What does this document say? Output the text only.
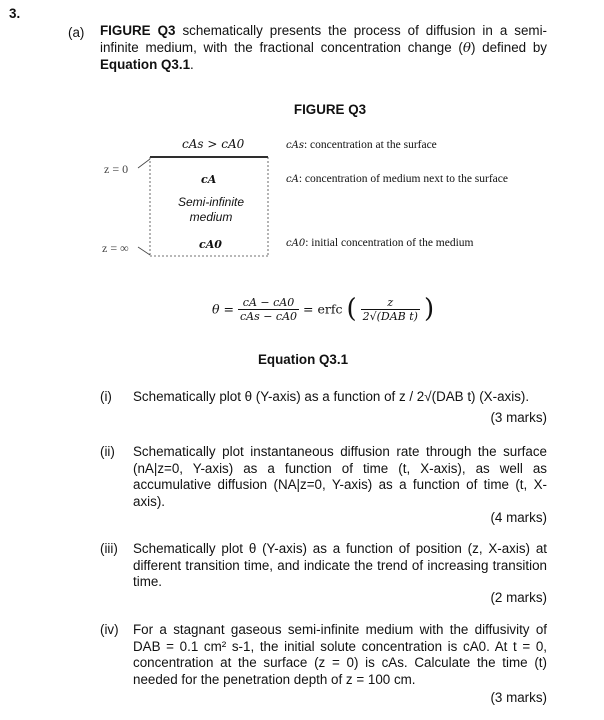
3.
(a) FIGURE Q3 schematically presents the process of diffusion in a semi-infinite medium, with the fractional concentration change (θ) defined by Equation Q3.1.
FIGURE Q3
cAs > cA0
z = 0
cA
Semi-infinite
medium
cA0
z = ∞
cAs: concentration at the surface
cA: concentration of medium next to the surface
cA0: initial concentration of the medium
$\theta = \frac{cA - cA0}{\text{cAs − cA0}}$ = erfc ( $\frac{z}{\text{2√(DAB t)}}$ )
Equation Q3.1
(i) Schematically plot θ (Y-axis) as a function of z / 2√(DAB t) (X-axis).
(3 marks)
(ii) Schematically plot instantaneous diffusion rate through the surface (nA|z=0, Y-axis) as a function of time (t, X-axis), as well as accumulative diffusion (NA|z=0, Y-axis) as a function of time (t, X-axis).
(4 marks)
(iii) Schematically plot θ (Y-axis) as a function of position (z, X-axis) at different transition time, and indicate the trend of increasing transition time.
(2 marks)
(iv) For a stagnant gaseous semi-infinite medium with the diffusivity of DAB = 0.1 cm² s-1, the initial solute concentration is cA0. At t = 0, concentration at the surface (z = 0) is cAs. Calculate the time (t) needed for the penetration depth of z = 100 cm.
(3 marks)
